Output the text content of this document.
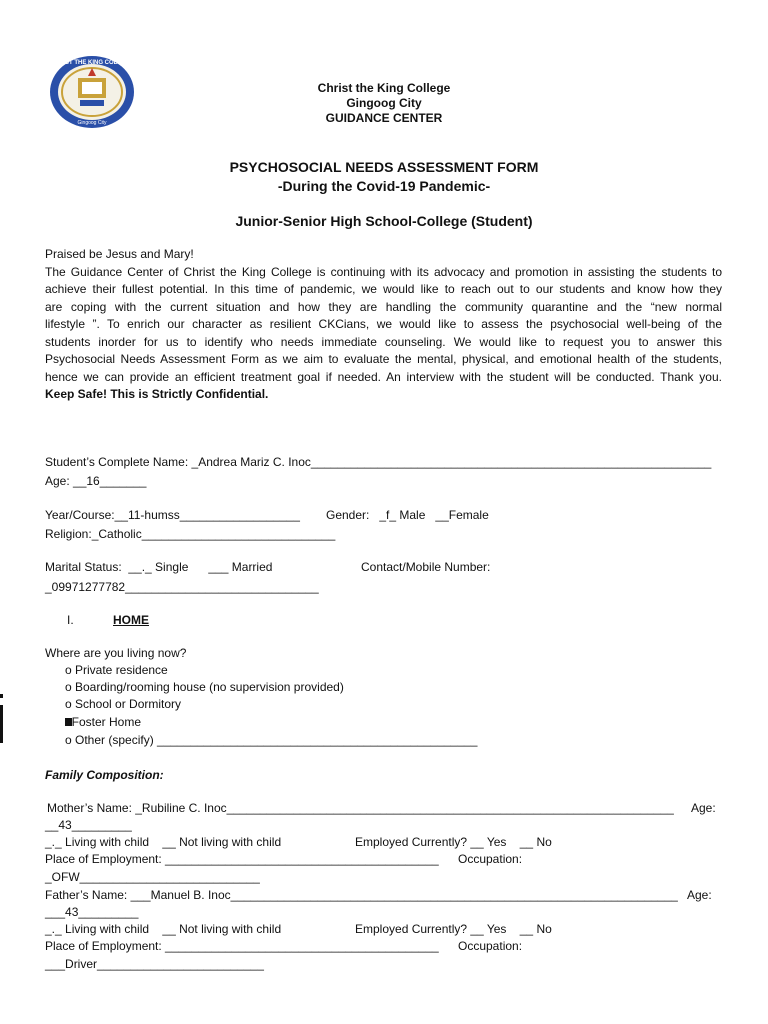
CHRIST THE KING COLLEGE
Gingoog City
Christ the King College
Gingoog City
GUIDANCE CENTER
PSYCHOSOCIAL NEEDS ASSESSMENT FORM
-During the Covid-19 Pandemic-
Junior-Senior High School-College (Student)

Praised be Jesus and Mary!

The Guidance Center of Christ the King College is continuing with its advocacy and promotion in assisting the students to

achieve their fullest potential. In this time of pandemic, we would like to reach out to our students and know how they

are coping with the current situation and how they are handling the community quarantine and the “new normal

lifestyle ”. To enrich our character as resilient CKCians, we would like to assess the psychosocial well-being of the

students inorder for us to identify who needs immediate counseling. We would like to request you to answer this

Psychosocial Needs Assessment Form as we aim to evaluate the mental, physical, and emotional health of the students,

hence we can provide an efficient treatment goal if needed. An interview with the student will be conducted. Thank you.

Keep Safe! This is Strictly Confidential.

Student’s Complete Name: _Andrea Mariz C. Inoc____________________________________________________________
Age: __16_______
Year/Course:__11-humss__________________ Gender:   _f_ Male   __Female
Religion:_Catholic_____________________________
Marital Status:  __._ Single      ___ Married	Contact/Mobile Number:
_09971277782_____________________________
I.	HOME
Where are you living now?
o Private residence
o Boarding/rooming house (no supervision provided)
o School or Dormitory
Foster Home
o Other (specify) ________________________________________________
Family Composition:
Mother’s Name: _Rubiline C. Inoc___________________________________________________________________ Age:
__43_________
_._ Living with child    __ Not living with child	Employed Currently? __ Yes    __ No
Place of Employment: _________________________________________ Occupation:
_OFW___________________________
Father’s Name: ___Manuel B. Inoc___________________________________________________________________ Age:
___43_________
_._ Living with child    __ Not living with child	Employed Currently? __ Yes    __ No
Place of Employment: _________________________________________ Occupation:
___Driver_________________________
